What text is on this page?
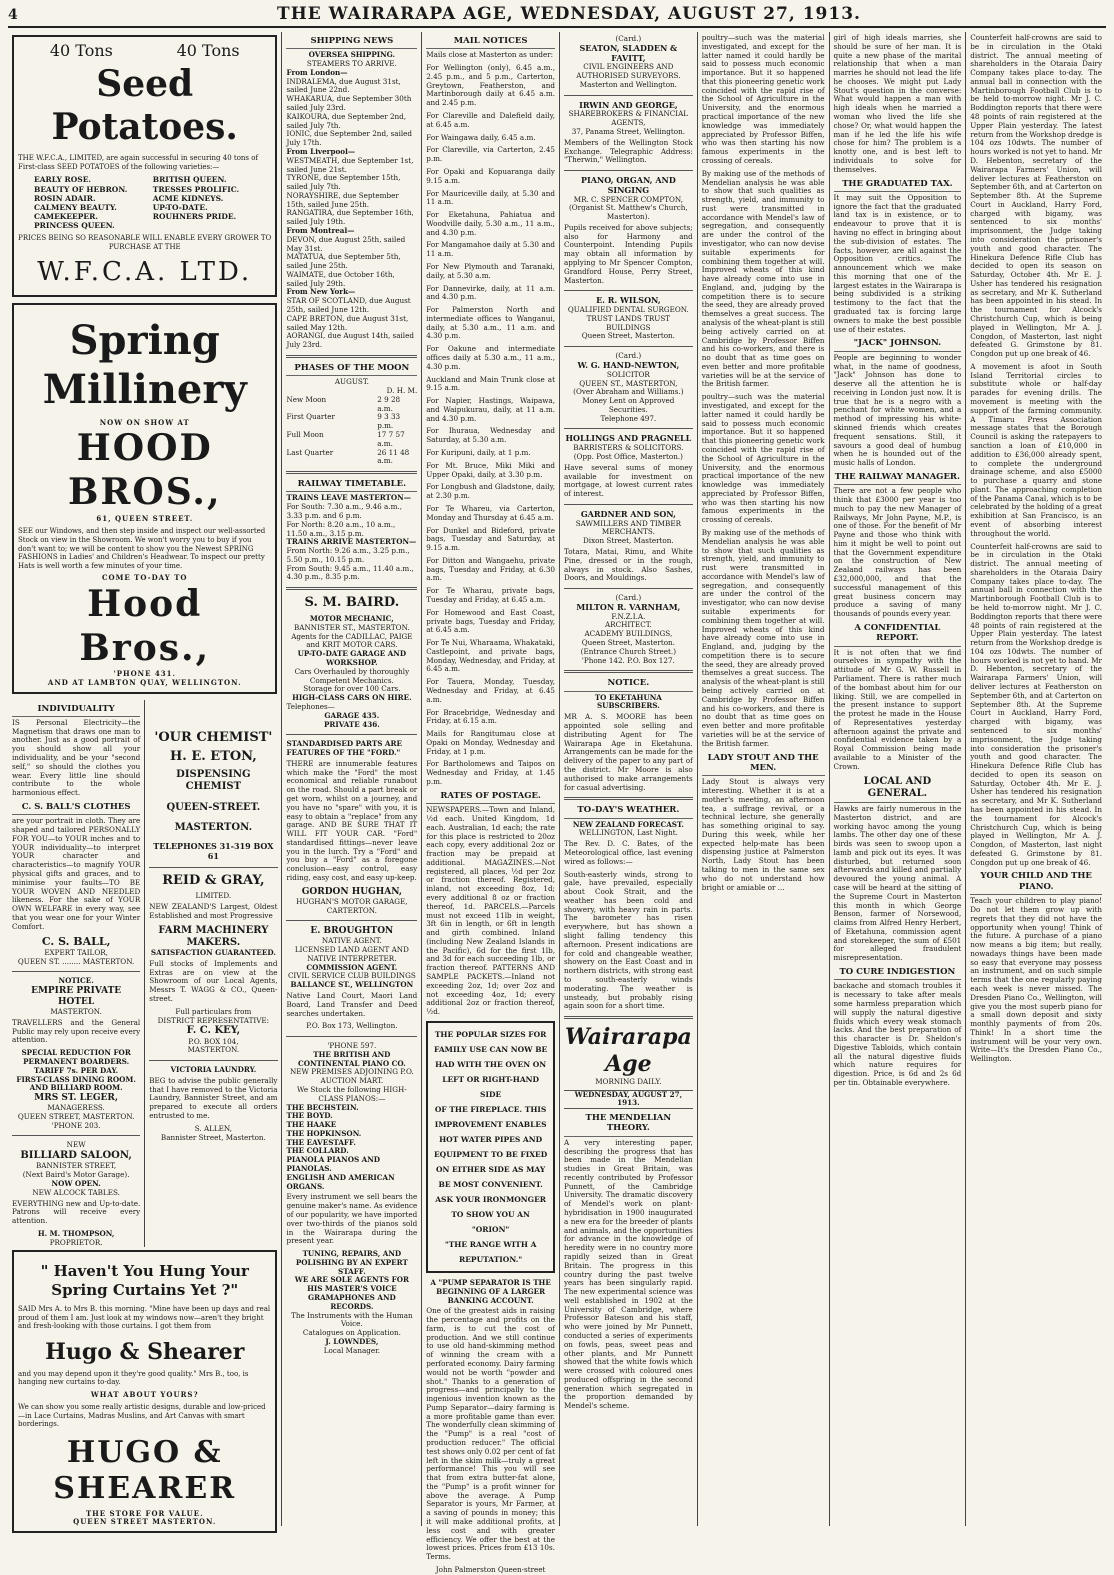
4	THE WAIRARAPA AGE, WEDNESDAY, AUGUST 27, 1913.
40 Tons	40 Tons
Seed Potatoes.
THE W.F.C.A., LIMITED, are again successful in securing 40 tons of First-class SEED POTATOES of the following varieties:—
EARLY ROSE.
BEAUTY OF HEBRON.
ROSIN ADAIR.
CALMENY BEAUTY.
CAMEKEEPER.
PRINCESS QUEEN.
BRITISH QUEEN.
TRESSES PROLIFIC.
ACME KIDNEYS.
UP-TO-DATE.
ROUHNERS PRIDE.
PRICES BEING SO REASONABLE WILL ENABLE EVERY GROWER TO PURCHASE AT THE
W.F.C.A. LTD.
Spring Millinery
NOW ON SHOW AT
HOOD BROS.,
61, QUEEN STREET.
SEE our Windows, and then step inside and inspect our well-assorted Stock on view in the Showroom. We won't worry you to buy if you don't want to; we will be content to show you the Newest SPRING FASHIONS in Ladies' and Children's Headwear. To inspect our pretty Hats is well worth a few minutes of your time.
COME TO-DAY TO
Hood Bros.,
'PHONE 431.
AND AT LAMBTON QUAY, WELLINGTON.
INDIVIDUALITY
IS Personal Electricity—the Magnetism that draws one man to another. Just as a good portrait of you should show all your individuality, and be your "second self," so should the clothes you wear. Every little line should contribute to the whole harmonious effect.
C. S. BALL'S CLOTHES
are your portrait in cloth. They are shaped and tailored PERSONALLY FOR YOU—to YOUR inches and to YOUR individuality—to interpret YOUR character and characteristics—to magnify YOUR physical gifts and graces, and to minimise your faults—TO BE YOUR WOVEN AND NEEDLED likeness. For the sake of YOUR OWN WELFARE in every way, see that you wear one for your Winter Comfort.
C. S. BALL,
EXPERT TAILOR,
QUEEN ST. ........ MASTERTON.
NOTICE.
EMPIRE PRIVATE HOTEL
MASTERTON.
TRAVELLERS and the General Public may rely upon receive every attention.
SPECIAL REDUCTION FOR PERMANENT BOARDERS.
TARIFF 7s. PER DAY.
FIRST-CLASS DINING ROOM.
AND BILLIARD ROOM.
MRS ST. LEGER,
MANAGERESS.
QUEEN STREET, MASTERTON.
'PHONE 203.
NEW
BILLIARD SALOON,
BANNISTER STREET,
(Next Baird's Motor Garage).
NOW OPEN.
NEW ALCOCK TABLES.
EVERYTHING new and Up-to-date. Patrons will receive every attention.
H. M. THOMPSON,
PROPRIETOR.
'OUR CHEMIST'
H. E. ETON,
DISPENSING CHEMIST
QUEEN-STREET.
MASTERTON.
TELEPHONES 31-319 BOX 61
REID & GRAY,
LIMITED.
NEW ZEALAND'S Largest, Oldest Established and most Progressive
FARM MACHINERY MAKERS.
SATISFACTION GUARANTEED.
Full stocks of Implements and Extras are on view at the Showroom of our Local Agents, Messrs T. WAGG & CO., Queen-street.
Full particulars from
DISTRICT REPRESENTATIVE:
F. C. KEY,
P.O. BOX 104,
MASTERTON.
VICTORIA LAUNDRY.
BEG to advise the public generally that I have removed to the Victoria Laundry, Bannister Street, and am prepared to execute all orders entrusted to me.
S. ALLEN,
Bannister Street, Masterton.
" Haven't You Hung Your Spring Curtains Yet ?"
SAID Mrs A. to Mrs B. this morning. "Mine have been up days and real proud of them I am. Just look at my windows now—aren't they bright and fresh-looking with those curtains. I got them from
Hugo & Shearer
and you may depend upon it they're good quality." Mrs B., too, is hanging new curtains to-day.
WHAT ABOUT YOURS?
We can show you some really artistic designs, durable and low-priced—in Lace Curtains, Madras Muslins, and Art Canvas with smart borderings.
HUGO & SHEARER
THE STORE FOR VALUE.
QUEEN STREET MASTERTON.
SHIPPING NEWS
OVERSEA SHIPPING.
STEAMERS TO ARRIVE.
From London—
INDRALEMA, due August 31st, sailed June 22nd.
WHAKARUA, due September 30th sailed July 23rd.
KAIKOURA, due September 2nd, sailed July 7th.
IONIC, due September 2nd, sailed July 17th.
From Liverpool—
WESTMEATH, due September 1st, sailed June 21st.
TYRONE, due September 15th, sailed July 7th.
NORAYSHIRE, due September 15th, sailed June 25th.
RANGATIRA, due September 16th, sailed July 19th.
From Montreal—
DEVON, due August 25th, sailed May 31st.
MATATUA, due September 5th, sailed June 25th.
WAIMATE, due October 16th, sailed July 29th.
From New York—
STAR OF SCOTLAND, due August 25th, sailed June 12th.
CAPE BRETON, due August 31st, sailed May 12th.
AORANGI, due August 14th, sailed July 23rd.
PHASES OF THE MOON
AUGUST.
D. H. M.
New Moon	2 9 28 a.m.
First Quarter	9 3 33 p.m.
Full Moon	17 7 57 a.m.
Last Quarter	26 11 48 a.m.
RAILWAY TIMETABLE.
TRAINS LEAVE MASTERTON—
For South: 7.30 a.m., 9.46 a.m., 3.33 p.m. and 6 p.m.
For North: 8.20 a.m., 10 a.m., 11.50 a.m., 3.15 p.m.
TRAINS ARRIVE MASTERTON—
From North: 9.26 a.m., 3.25 p.m., 5.50 p.m., 10.15 p.m.
From South: 9.45 a.m., 11.40 a.m., 4.30 p.m., 8.35 p.m.
S. M. BAIRD.
MOTOR MECHANIC,
BANNISTER ST., MASTERTON.
Agents for the CADILLAC, PAIGE and KRIT MOTOR CARS.
UP-TO-DATE GARAGE AND WORKSHOP.
Cars Overhauled by thoroughly Competent Mechanics.
Storage for over 100 Cars.
HIGH-CLASS CARS ON HIRE.
Telephones—
GARAGE 435.
PRIVATE 436.
STANDARDISED PARTS ARE FEATURES OF THE "FORD."
THERE are innumerable features which make the "Ford" the most economical and reliable runabout on the road. Should a part break or get worn, whilst on a journey, and you have no "spare" with you, it is easy to obtain a "replace" from any garage. AND BE SURE THAT IT WILL FIT YOUR CAR. "Ford" standardised fittings—never leave you in the lurch. Try a "Ford" and you buy a "Ford" as a foregone conclusion—easy control, easy riding, easy cost, and easy up-keep.
GORDON HUGHAN,
HUGHAN'S MOTOR GARAGE,
CARTERTON.
E. BROUGHTON
NATIVE AGENT.
LICENSED LAND AGENT AND NATIVE INTERPRETER.
COMMISSION AGENT.
CIVIL SERVICE CLUB BUILDINGS
BALLANCE ST., WELLINGTON
Native Land Court, Maori Land Board, Land Transfer and Deed searches undertaken.
P.O. Box 173, Wellington.
'PHONE 597.
THE BRITISH AND CONTINENTAL PIANO CO.
NEW PREMISES ADJOINING P.O. AUCTION MART.
We Stock the following HIGH-CLASS PIANOS:—
THE BECHSTEIN.
THE BOYD.
THE HAAKE
THE HOPKINSON.
THE EAVESTAFF.
THE COLLARD.
PIANOLA PIANOS AND PIANOLAS.
ENGLISH AND AMERICAN ORGANS.
Every instrument we sell bears the genuine maker's name. As evidence of our popularity, we have imported over two-thirds of the pianos sold in the Wairarapa during the present year.
TUNING, REPAIRS, AND POLISHING BY AN EXPERT STAFF.
WE ARE SOLE AGENTS FOR
HIS MASTER'S VOICE GRAMAPHONES AND RECORDS.
The Instruments with the Human Voice.
Catalogues on Application.
J. LOWNDES,
Local Manager.
MAIL NOTICES
Mails close at Masterton as under:
For Wellington (only), 6.45 a.m., 2.45 p.m., and 5 p.m., Carterton, Greytown, Featherston, and Martinborough daily at 6.45 a.m. and 2.45 p.m.
For Clareville and Dalefield daily, at 6.45 a.m.
For Waingawa daily, 6.45 a.m.
For Clareville, via Carterton, 2.45 p.m.
For Opaki and Kopuaranga daily 9.15 a.m.
For Mauriceville daily, at 5.30 and 11 a.m.
For Eketahuna, Pahiatua and Woodville daily, 5.30 a.m., 11 a.m., and 4.30 p.m.
For Mangamahoe daily at 5.30 and 11 a.m.
For New Plymouth and Taranaki, daily, at 5.30 a.m.
For Dannevirke, daily, at 11 a.m. and 4.30 p.m.
For Palmerston North and intermediate offices to Wanganui, daily, at 5.30 a.m., 11 a.m. and 4.30 p.m.
For Oakune and intermediate offices daily at 5.30 a.m., 11 a.m., 4.30 p.m.
Auckland and Main Trunk close at 9.15 a.m.
For Napier, Hastings, Waipawa, and Waipukurau, daily, at 11 a.m. and 4.30 p.m.
For Ihuraua, Wednesday and Saturday, at 5.30 a.m.
For Kuripuni, daily, at 1 p.m.
For Mt. Bruce, Miki Miki and Upper Opaki, daily, at 3.30 p.m.
For Longbush and Gladstone, daily, at 2.30 p.m.
For Te Whareu, via Carterton, Monday and Thursday at 6.45 a.m.
For Dunkel and Bideford, private bags, Tuesday and Saturday, at 9.15 a.m.
For Ditton and Wangaehu, private bags, Tuesday and Friday, at 6.30 a.m.
For Te Wharau, private bags, Tuesday and Friday, at 6.45 a.m.
For Homewood and East Coast, private bags, Tuesday and Friday, at 6.45 a.m.
For Te Nui, Wharaama, Whakataki, Castlepoint, and private bags, Monday, Wednesday, and Friday, at 6.45 a.m.
For Tauera, Monday, Tuesday, Wednesday and Friday, at 6.45 a.m.
For Bracebridge, Wednesday and Friday, at 6.15 a.m.
Mails for Rangitumau close at Opaki on Monday, Wednesday and Friday, at 1 p.m.
For Bartholomews and Taipos on Wednesday and Friday, at 1.45 p.m.
RATES OF POSTAGE.
NEWSPAPERS.—Town and Inland, ½d each. United Kingdom, 1d each. Australian, 1d each; the rate for this place is restricted to 20oz each copy, every additional 2oz or fraction may be prepaid at additional. MAGAZINES.—Not registered, all places, ½d per 2oz or fraction thereof. Registered, inland, not exceeding 8oz, 1d; every additional 8 oz or fraction thereof, 1d. PARCELS.—Parcels must not exceed 11lb in weight, 3ft 6in in length, or 6ft in length and girth combined. Inland (including New Zealand Islands in the Pacific), 6d for the first 1lb, and 3d for each succeeding 1lb, or fraction thereof. PATTERNS AND SAMPLE PACKETS.—Inland not exceeding 2oz, 1d; over 2oz and not exceeding 4oz, 1d; every additional 2oz or fraction thereof, ½d.
THE POPULAR SIZES FOR
FAMILY USE CAN NOW BE
HAD WITH THE OVEN ON
LEFT OR RIGHT-HAND SIDE
OF THE FIREPLACE. THIS
IMPROVEMENT ENABLES
HOT WATER PIPES AND
EQUIPMENT TO BE FIXED
ON EITHER SIDE AS MAY
BE MOST CONVENIENT.
ASK YOUR IRONMONGER TO SHOW YOU AN "ORION"
"THE RANGE WITH A REPUTATION."
A "PUMP SEPARATOR IS THE BEGINNING OF A LARGER BANKING ACCOUNT.
One of the greatest aids in raising the percentage and profits on the farm, is to cut the cost of production. And we still continue to use old hand-skimming method of winning the cream with a perforated economy. Dairy farming would not be worth "powder and shot." Thanks to a generation of progress—and principally to the ingenious invention known as the Pump Separator—dairy farming is a more profitable game than ever. The wonderfully clean skimming of the "Pump" is a real "cost of production reducer." The official test shows only 0.02 per cent of fat left in the skim milk—truly a great performance! This you will see that from extra butter-fat alone, the "Pump" is a profit winner for above the average. A Pump Separator is yours, Mr Farmer, at a saving of pounds in money; this it will make additional profits, at less cost and with greater efficiency. We offer the best at the lowest prices. Prices from £13 10s. Terms.
John Palmerston Queen-street
(Card.)
SEATON, SLADDEN & FAVITT,
CIVIL ENGINEERS AND AUTHORISED SURVEYORS.
Masterton and Wellington.
IRWIN AND GEORGE,
SHAREBROKERS & FINANCIAL AGENTS,
37, Panama Street, Wellington.
Members of the Wellington Stock Exchange. Telegraphic Address: "Therwin," Wellington.
PIANO, ORGAN, AND SINGING
MR. C. SPENCER COMPTON,
(Organist St. Matthew's Church, Masterton).
Pupils received for above subjects; also for Harmony and Counterpoint. Intending Pupils may obtain all information by applying to Mr Spencer Compton, Grandford House, Perry Street, Masterton.
E. R. WILSON,
QUALIFIED DENTAL SURGEON.
TRUST LANDS TRUST BUILDINGS
Queen Street, Masterton.
(Card.)
W. G. HAND-NEWTON,
SOLICITOR
QUEEN ST., MASTERTON,
(Over Abraham and Williams.)
Money Lent on Approved Securities.
Telephone 497.
HOLLINGS AND PRAGNELL
BARRISTERS & SOLICITORS.
(Opp. Post Office, Masterton.)
Have several sums of money available for investment on mortgage, at lowest current rates of interest.
GARDNER AND SON,
SAWMILLERS AND TIMBER MERCHANTS.
Dixon Street, Masterton.
Totara, Matai, Rimu, and White Pine, dressed or in the rough, always in stock. Also Sashes, Doors, and Mouldings.
(Card.)
MILTON R. VARNHAM,
F.N.Z.I.A.
ARCHITECT.
ACADEMY BUILDINGS,
Queen Street, Masterton.
(Entrance Church Street.)
'Phone 142. P.O. Box 127.
NOTICE.
TO EKETAHUNA SUBSCRIBERS.
MR A. S. MOORE has been appointed sole selling and distributing Agent for The Wairarapa Age in Eketahuna. Arrangements can be made for the delivery of the paper to any part of the district. Mr Moore is also authorised to make arrangements for casual advertising.
TO-DAY'S WEATHER.
NEW ZEALAND FORECAST.
WELLINGTON, Last Night.
The Rev. D. C. Bates, of the Meteorological office, last evening wired as follows:—
South-easterly winds, strong to gale, have prevailed, especially about Cook Strait, and the weather has been cold and showery, with heavy rain in parts. The barometer has risen everywhere, but has shown a slight falling tendency this afternoon. Present indications are for cold and changeable weather, showery on the East Coast and in northern districts, with strong east to south-easterly winds moderating. The weather is unsteady, but probably rising again soon for a short time.
Wairarapa Age
MORNING DAILY.
WEDNESDAY, AUGUST 27, 1913.
THE MENDELIAN THEORY.
A very interesting paper, describing the progress that has been made in the Mendelian studies in Great Britain, was recently contributed by Professor Punnett, of the Cambridge University. The dramatic discovery of Mendel's work on plant-hybridisation in 1900 inaugurated a new era for the breeder of plants and animals, and the opportunities for advance in the knowledge of heredity were in no country more rapidly seized than in Great Britain. The progress in this country during the past twelve years has been singularly rapid. The new experimental science was well established in 1902 at the University of Cambridge, where Professor Bateson and his staff, who were joined by Mr Punnett, conducted a series of experiments on fowls, peas, sweet peas and other plants, and Mr Punnett showed that the white fowls which were crossed with coloured ones produced offspring in the second generation which segregated in the proportion demanded by Mendel's scheme.
poultry—such was the material investigated, and except for the latter named it could hardly be said to possess much economic importance. But it so happened that this pioneering genetic work coincided with the rapid rise of the School of Agriculture in the University, and the enormous practical importance of the new knowledge was immediately appreciated by Professor Biffen, who was then starting his now famous experiments in the crossing of cereals.
By making use of the methods of Mendelian analysis he was able to show that such qualities as strength, yield, and immunity to rust were transmitted in accordance with Mendel's law of segregation, and consequently are under the control of the investigator, who can now devise suitable experiments for combining them together at will. Improved wheats of this kind have already come into use in England, and, judging by the competition there is to secure the seed, they are already proved themselves a great success. The analysis of the wheat-plant is still being actively carried on at Cambridge by Professor Biffen and his co-workers, and there is no doubt that as time goes on even better and more profitable varieties will be at the service of the British farmer.
poultry—such was the material investigated, and except for the latter named it could hardly be said to possess much economic importance. But it so happened that this pioneering genetic work coincided with the rapid rise of the School of Agriculture in the University, and the enormous practical importance of the new knowledge was immediately appreciated by Professor Biffen, who was then starting his now famous experiments in the crossing of cereals.
By making use of the methods of Mendelian analysis he was able to show that such qualities as strength, yield, and immunity to rust were transmitted in accordance with Mendel's law of segregation, and consequently are under the control of the investigator, who can now devise suitable experiments for combining them together at will. Improved wheats of this kind have already come into use in England, and, judging by the competition there is to secure the seed, they are already proved themselves a great success. The analysis of the wheat-plant is still being actively carried on at Cambridge by Professor Biffen and his co-workers, and there is no doubt that as time goes on even better and more profitable varieties will be at the service of the British farmer.
LADY STOUT AND THE MEN.
Lady Stout is always very interesting. Whether it is at a mother's meeting, an afternoon tea, a suffrage revival, or a technical lecture, she generally has something original to say. During this week, while her expected help-mate has been dispensing justice at Palmerston North, Lady Stout has been talking to men in the same sex who do not understand how bright or amiable or ...
girl of high ideals marries, she should be sure of her man. It is quite a new phase of the marital relationship that when a man marries he should not lead the life he chooses. We might put Lady Stout's question in the converse: What would happen a man with high ideals when he married a woman who lived the life she chose? Or, what would happen the man if he led the life his wife chose for him? The problem is a knotty one, and is best left to individuals to solve for themselves.
THE GRADUATED TAX.
It may suit the Opposition to ignore the fact that the graduated land tax is in existence, or to endeavour to prove that it is having no effect in bringing about the sub-division of estates. The facts, however, are all against the Opposition critics. The announcement which we make this morning that one of the largest estates in the Wairarapa is being subdivided is a striking testimony to the fact that the graduated tax is forcing large owners to make the best possible use of their estates.
"JACK" JOHNSON.
People are beginning to wonder what, in the name of goodness, "Jack" Johnson has done to deserve all the attention he is receiving in London just now. It is true that he is a negro with a penchant for white women, and a method of impressing his white-skinned friends which creates frequent sensations. Still, it savours a good deal of humbug when he is hounded out of the music halls of London.
THE RAILWAY MANAGER.
There are not a few people who think that £3000 per year is too much to pay the new Manager of Railways, Mr John Payne, M.P., is one of those. For the benefit of Mr Payne and those who think with him it might be well to point out that the Government expenditure on the construction of New Zealand railways has been £32,000,000, and that the successful management of this great business concern may produce a saving of many thousands of pounds every year.
A CONFIDENTIAL REPORT.
It is not often that we find ourselves in sympathy with the attitude of Mr G. W. Russell in Parliament. There is rather much of the bombast about him for our liking. Still, we are compelled in the present instance to support the protest he made in the House of Representatives yesterday afternoon against the private and confidential evidence taken by a Royal Commission being made available to a Minister of the Crown.
LOCAL AND GENERAL.
Hawks are fairly numerous in the Masterton district, and are working havoc among the young lambs. The other day one of these birds was seen to swoop upon a lamb and pick out its eyes. It was disturbed, but returned soon afterwards and killed and partially devoured the young animal. A case will be heard at the sitting of the Supreme Court in Masterton this month in which George Benson, farmer of Norsewood, claims from Alfred Henry Herbert, of Eketahuna, commission agent and storekeeper, the sum of £501 for alleged fraudulent misrepresentation.
TO CURE INDIGESTION
backache and stomach troubles it is necessary to take after meals some harmless preparation which will supply the natural digestive fluids which every weak stomach lacks. And the best preparation of this character is Dr. Sheldon's Digestive Tabloids, which contain all the natural digestive fluids which nature requires for digestion. Price, is 6d and 2s 6d per tin. Obtainable everywhere.
Counterfeit half-crowns are said to be in circulation in the Otaki district. The annual meeting of shareholders in the Otaraia Dairy Company takes place to-day. The annual ball in connection with the Martinborough Football Club is to be held to-morrow night. Mr J. C. Boddington reports that there were 48 points of rain registered at the Upper Plain yesterday. The latest return from the Workshop dredge is 104 ozs 10dwts. The number of hours worked is not yet to hand. Mr D. Hebenton, secretary of the Wairarapa Farmers' Union, will deliver lectures at Featherston on September 6th, and at Carterton on September 8th. At the Supreme Court in Auckland, Harry Ford, charged with bigamy, was sentenced to six months' imprisonment, the Judge taking into consideration the prisoner's youth and good character. The Hinekura Defence Rifle Club has decided to open its season on Saturday, October 4th. Mr E. J. Usher has tendered his resignation as secretary, and Mr K. Sutherland has been appointed in his stead. In the tournament for Alcock's Christchurch Cup, which is being played in Wellington, Mr A. J. Congdon, of Masterton, last night defeated G. Grimstone by 81. Congdon put up one break of 46.
A movement is afoot in South Island Territorial circles to substitute whole or half-day parades for evening drills. The movement is meeting with the support of the farming community. A Timaru Press Association message states that the Borough Council is asking the ratepayers to sanction a loan of £10,000 in addition to £36,000 already spent, to complete the underground drainage scheme, and also £5000 to purchase a quarry and stone plant. The approaching completion of the Panama Canal, which is to be celebrated by the holding of a great exhibition at San Francisco, is an event of absorbing interest throughout the world.
Counterfeit half-crowns are said to be in circulation in the Otaki district. The annual meeting of shareholders in the Otaraia Dairy Company takes place to-day. The annual ball in connection with the Martinborough Football Club is to be held to-morrow night. Mr J. C. Boddington reports that there were 48 points of rain registered at the Upper Plain yesterday. The latest return from the Workshop dredge is 104 ozs 10dwts. The number of hours worked is not yet to hand. Mr D. Hebenton, secretary of the Wairarapa Farmers' Union, will deliver lectures at Featherston on September 6th, and at Carterton on September 8th. At the Supreme Court in Auckland, Harry Ford, charged with bigamy, was sentenced to six months' imprisonment, the Judge taking into consideration the prisoner's youth and good character. The Hinekura Defence Rifle Club has decided to open its season on Saturday, October 4th. Mr E. J. Usher has tendered his resignation as secretary, and Mr K. Sutherland has been appointed in his stead. In the tournament for Alcock's Christchurch Cup, which is being played in Wellington, Mr A. J. Congdon, of Masterton, last night defeated G. Grimstone by 81. Congdon put up one break of 46.
YOUR CHILD AND THE PIANO.
Teach your children to play piano! Do not let them grow up with regrets that they did not have the opportunity when young! Think of the future. A purchase of a piano now means a big item; but really, nowadays things have been made so easy that everyone may possess an instrument, and on such simple terms that the one regularly paying each week is never missed. The Dresden Piano Co., Wellington, will give you the most superb piano for a small down deposit and sixty monthly payments of from 20s. Think! In a short time the instrument will be your very own. Write—It's the Dresden Piano Co., Wellington.
